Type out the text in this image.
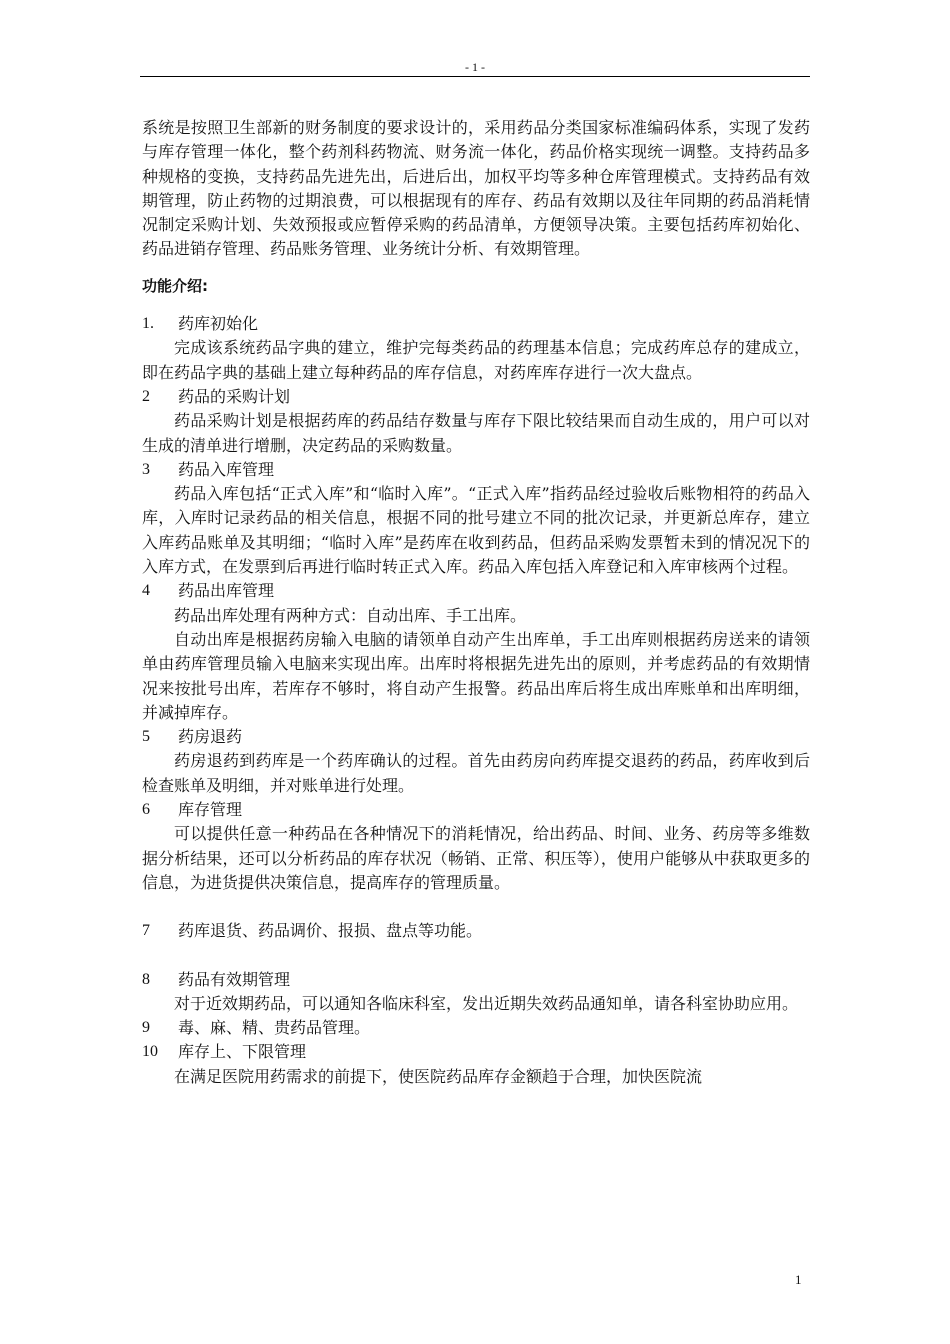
- 1 -

系统是按照卫生部新的财务制度的要求设计的，采用药品分类国家标准编码体系，实现了发药与库存管理一体化，整个药剂科药物流、财务流一体化，药品价格实现统一调整。支持药品多种规格的变换，支持药品先进先出，后进后出，加权平均等多种仓库管理模式。支持药品有效期管理，防止药物的过期浪费，可以根据现有的库存、药品有效期以及往年同期的药品消耗情况制定采购计划、失效预报或应暂停采购的药品清单，方便领导决策。主要包括药库初始化、药品进销存管理、药品账务管理、业务统计分析、有效期管理。

功能介绍:

1.	药库初始化

完成该系统药品字典的建立，维护完每类药品的药理基本信息；完成药库总存的建成立，即在药品字典的基础上建立每种药品的库存信息，对药库库存进行一次大盘点。

2	药品的采购计划

药品采购计划是根据药库的药品结存数量与库存下限比较结果而自动生成的，用户可以对生成的清单进行增删，决定药品的采购数量。

3	药品入库管理

药品入库包括“正式入库”和“临时入库”。“正式入库”指药品经过验收后账物相符的药品入库，入库时记录药品的相关信息，根据不同的批号建立不同的批次记录，并更新总库存，建立入库药品账单及其明细；“临时入库”是药库在收到药品，但药品采购发票暂未到的情况况下的入库方式，在发票到后再进行临时转正式入库。药品入库包括入库登记和入库审核两个过程。

4	药品出库管理

药品出库处理有两种方式：自动出库、手工出库。

自动出库是根据药房输入电脑的请领单自动产生出库单，手工出库则根据药房送来的请领单由药库管理员输入电脑来实现出库。出库时将根据先进先出的原则，并考虑药品的有效期情况来按批号出库，若库存不够时，将自动产生报警。药品出库后将生成出库账单和出库明细，并减掉库存。

5	药房退药

药房退药到药库是一个药库确认的过程。首先由药房向药库提交退药的药品，药库收到后检查账单及明细，并对账单进行处理。

6	库存管理

可以提供任意一种药品在各种情况下的消耗情况，给出药品、时间、业务、药房等多维数据分析结果，还可以分析药品的库存状况（畅销、正常、积压等），使用户能够从中获取更多的信息，为进货提供决策信息，提高库存的管理质量。

7	药库退货、药品调价、报损、盘点等功能。
8	药品有效期管理

对于近效期药品，可以通知各临床科室，发出近期失效药品通知单，请各科室协助应用。

9	毒、麻、精、贵药品管理。
10	库存上、下限管理

在满足医院用药需求的前提下，使医院药品库存金额趋于合理，加快医院流

1
